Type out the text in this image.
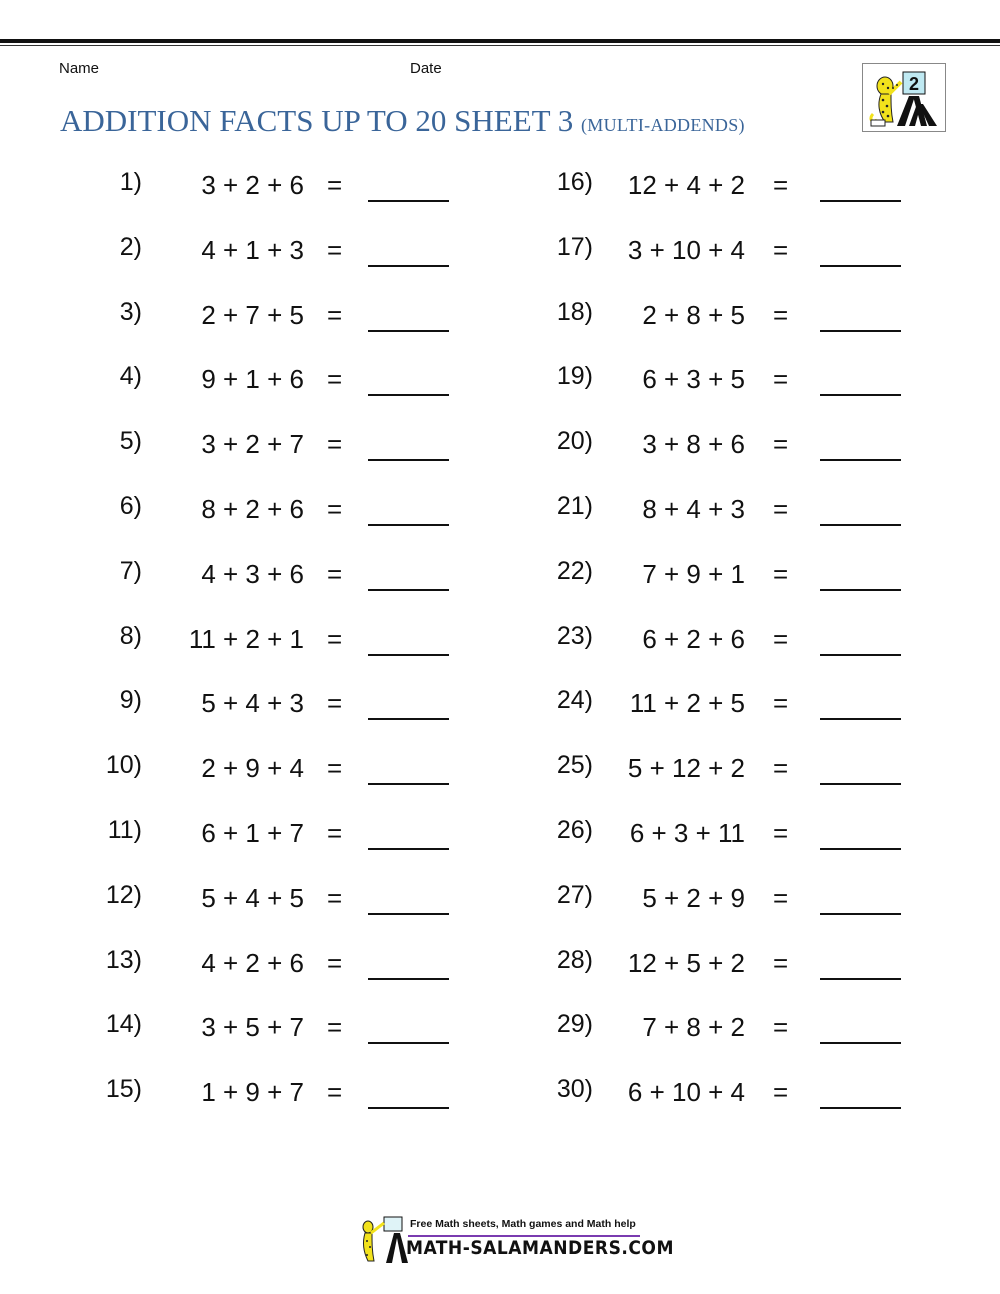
Name	Date
ADDITION FACTS UP TO 20 SHEET 3 (MULTI-ADDENDS)
2
1)	3 + 2 + 6 =
2)	4 + 1 + 3 =
3)	2 + 7 + 5 =
4)	9 + 1 + 6 =
5)	3 + 2 + 7 =
6)	8 + 2 + 6 =
7)	4 + 3 + 6 =
8)	11 + 2 + 1 =
9)	5 + 4 + 3 =
10)	2 + 9 + 4 =
11)	6 + 1 + 7 =
12)	5 + 4 + 5 =
13)	4 + 2 + 6 =
14)	3 + 5 + 7 =
15)	1 + 9 + 7 =
16)	12 + 4 + 2 =
17)	3 + 10 + 4 =
18)	2 + 8 + 5 =
19)	6 + 3 + 5 =
20)	3 + 8 + 6 =
21)	8 + 4 + 3 =
22)	7 + 9 + 1 =
23)	6 + 2 + 6 =
24)	11 + 2 + 5 =
25)	5 + 12 + 2 =
26)	6 + 3 + 11 =
27)	5 + 2 + 9 =
28)	12 + 5 + 2 =
29)	7 + 8 + 2 =
30)	6 + 10 + 4 =
Free Math sheets, Math games and Math help
MATH-SALAMANDERS.COM
